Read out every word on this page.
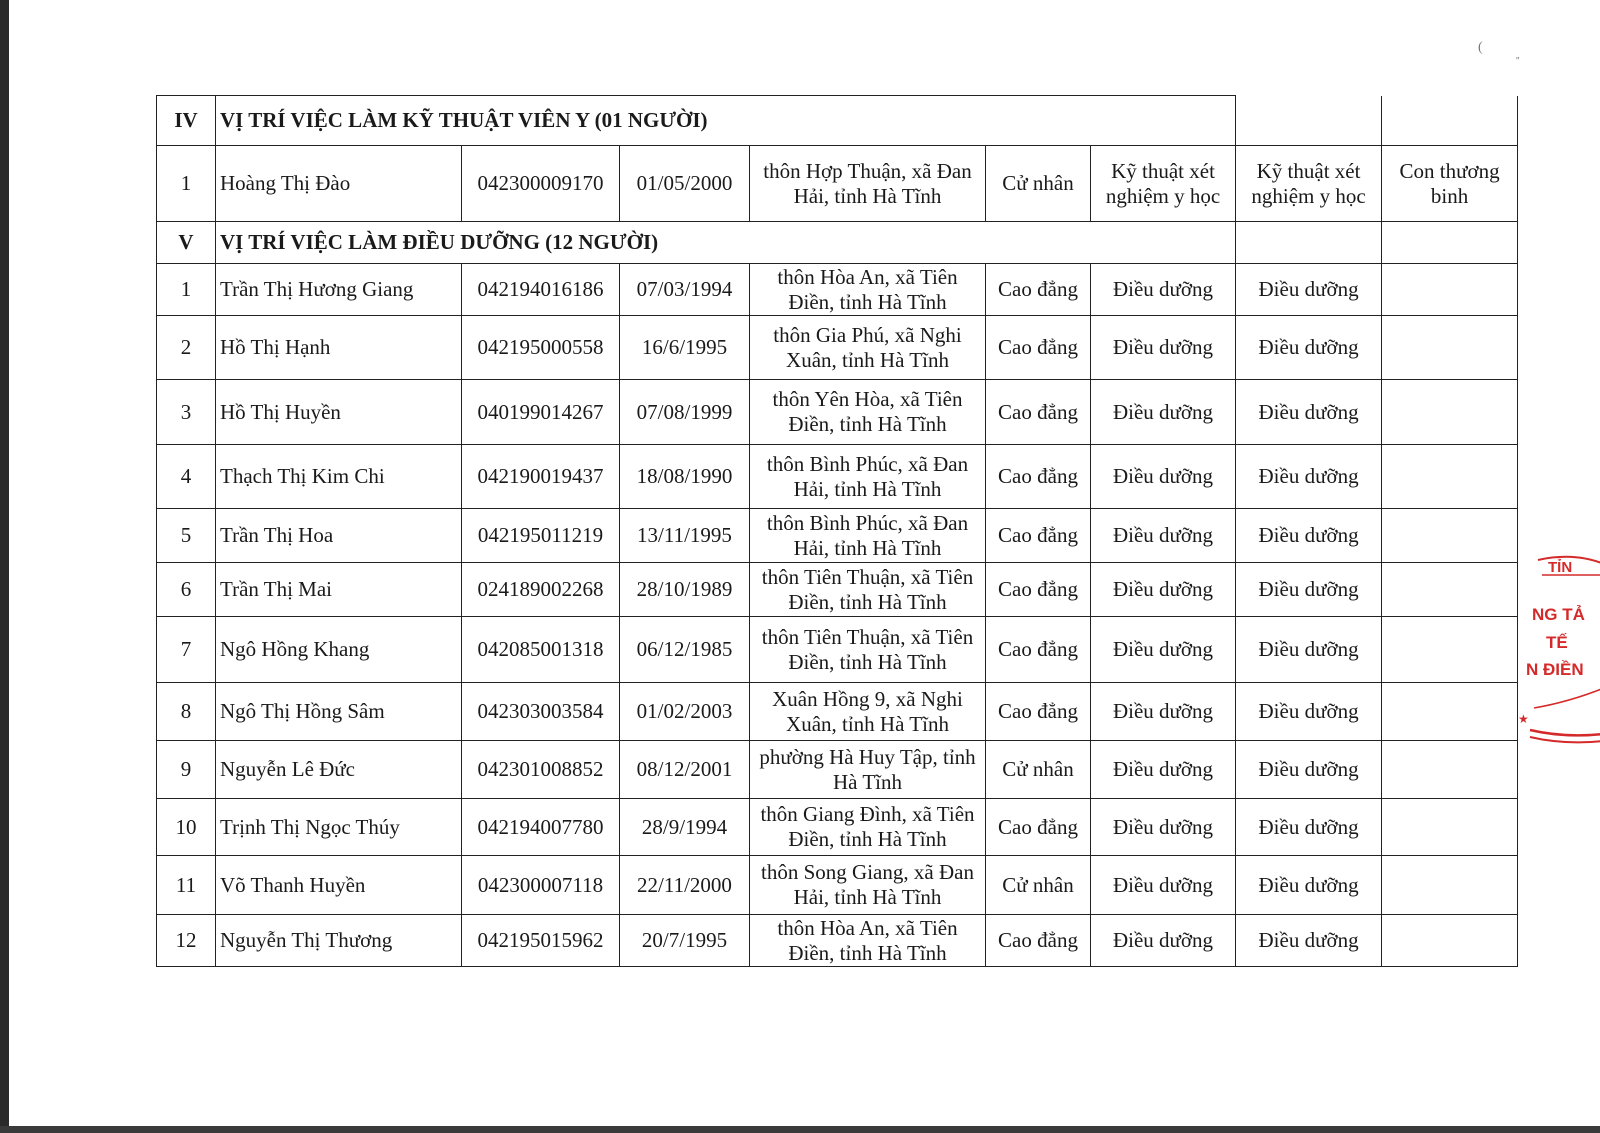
(
''
IV	VỊ TRÍ VIỆC LÀM KỸ THUẬT VIÊN Y (01 NGƯỜI)							
1	Hoàng Thị Đào	042300009170	01/05/2000	thôn Hợp Thuận, xã Đan Hải, tỉnh Hà Tĩnh	Cử nhân	Kỹ thuật xét nghiệm y học	Kỹ thuật xét nghiệm y học	Con thương binh
V	VỊ TRÍ VIỆC LÀM ĐIỀU DƯỠNG (12 NGƯỜI)							
1	Trần Thị Hương Giang	042194016186	07/03/1994	thôn Hòa An, xã Tiên Điền, tỉnh Hà Tĩnh	Cao đẳng	Điều dưỡng	Điều dưỡng	
2	Hồ Thị Hạnh	042195000558	16/6/1995	thôn Gia Phú, xã Nghi Xuân, tỉnh Hà Tĩnh	Cao đẳng	Điều dưỡng	Điều dưỡng	
3	Hồ Thị Huyền	040199014267	07/08/1999	thôn Yên Hòa, xã Tiên Điền, tỉnh Hà Tĩnh	Cao đẳng	Điều dưỡng	Điều dưỡng	
4	Thạch Thị Kim Chi	042190019437	18/08/1990	thôn Bình Phúc, xã Đan Hải, tỉnh Hà Tĩnh	Cao đẳng	Điều dưỡng	Điều dưỡng	
5	Trần Thị Hoa	042195011219	13/11/1995	thôn Bình Phúc, xã Đan Hải, tỉnh Hà Tĩnh	Cao đẳng	Điều dưỡng	Điều dưỡng	
6	Trần Thị Mai	024189002268	28/10/1989	thôn Tiên Thuận, xã Tiên Điền, tỉnh Hà Tĩnh	Cao đẳng	Điều dưỡng	Điều dưỡng	
7	Ngô Hồng Khang	042085001318	06/12/1985	thôn Tiên Thuận, xã Tiên Điền, tỉnh Hà Tĩnh	Cao đẳng	Điều dưỡng	Điều dưỡng	
8	Ngô Thị Hồng Sâm	042303003584	01/02/2003	Xuân Hồng 9, xã Nghi Xuân, tỉnh Hà Tĩnh	Cao đẳng	Điều dưỡng	Điều dưỡng	
9	Nguyễn Lê Đức	042301008852	08/12/2001	phường Hà Huy Tập, tỉnh Hà Tĩnh	Cử nhân	Điều dưỡng	Điều dưỡng	
10	Trịnh Thị Ngọc Thúy	042194007780	28/9/1994	thôn Giang Đình, xã Tiên Điền, tỉnh Hà Tĩnh	Cao đẳng	Điều dưỡng	Điều dưỡng	
11	Võ Thanh Huyền	042300007118	22/11/2000	thôn Song Giang, xã Đan Hải, tỉnh Hà Tĩnh	Cử nhân	Điều dưỡng	Điều dưỡng	
12	Nguyễn Thị Thương	042195015962	20/7/1995	thôn Hòa An, xã Tiên Điền, tỉnh Hà Tĩnh	Cao đẳng	Điều dưỡng	Điều dưỡng	
TỈN
NG TẢ
TẾ
N ĐIỀN
★
